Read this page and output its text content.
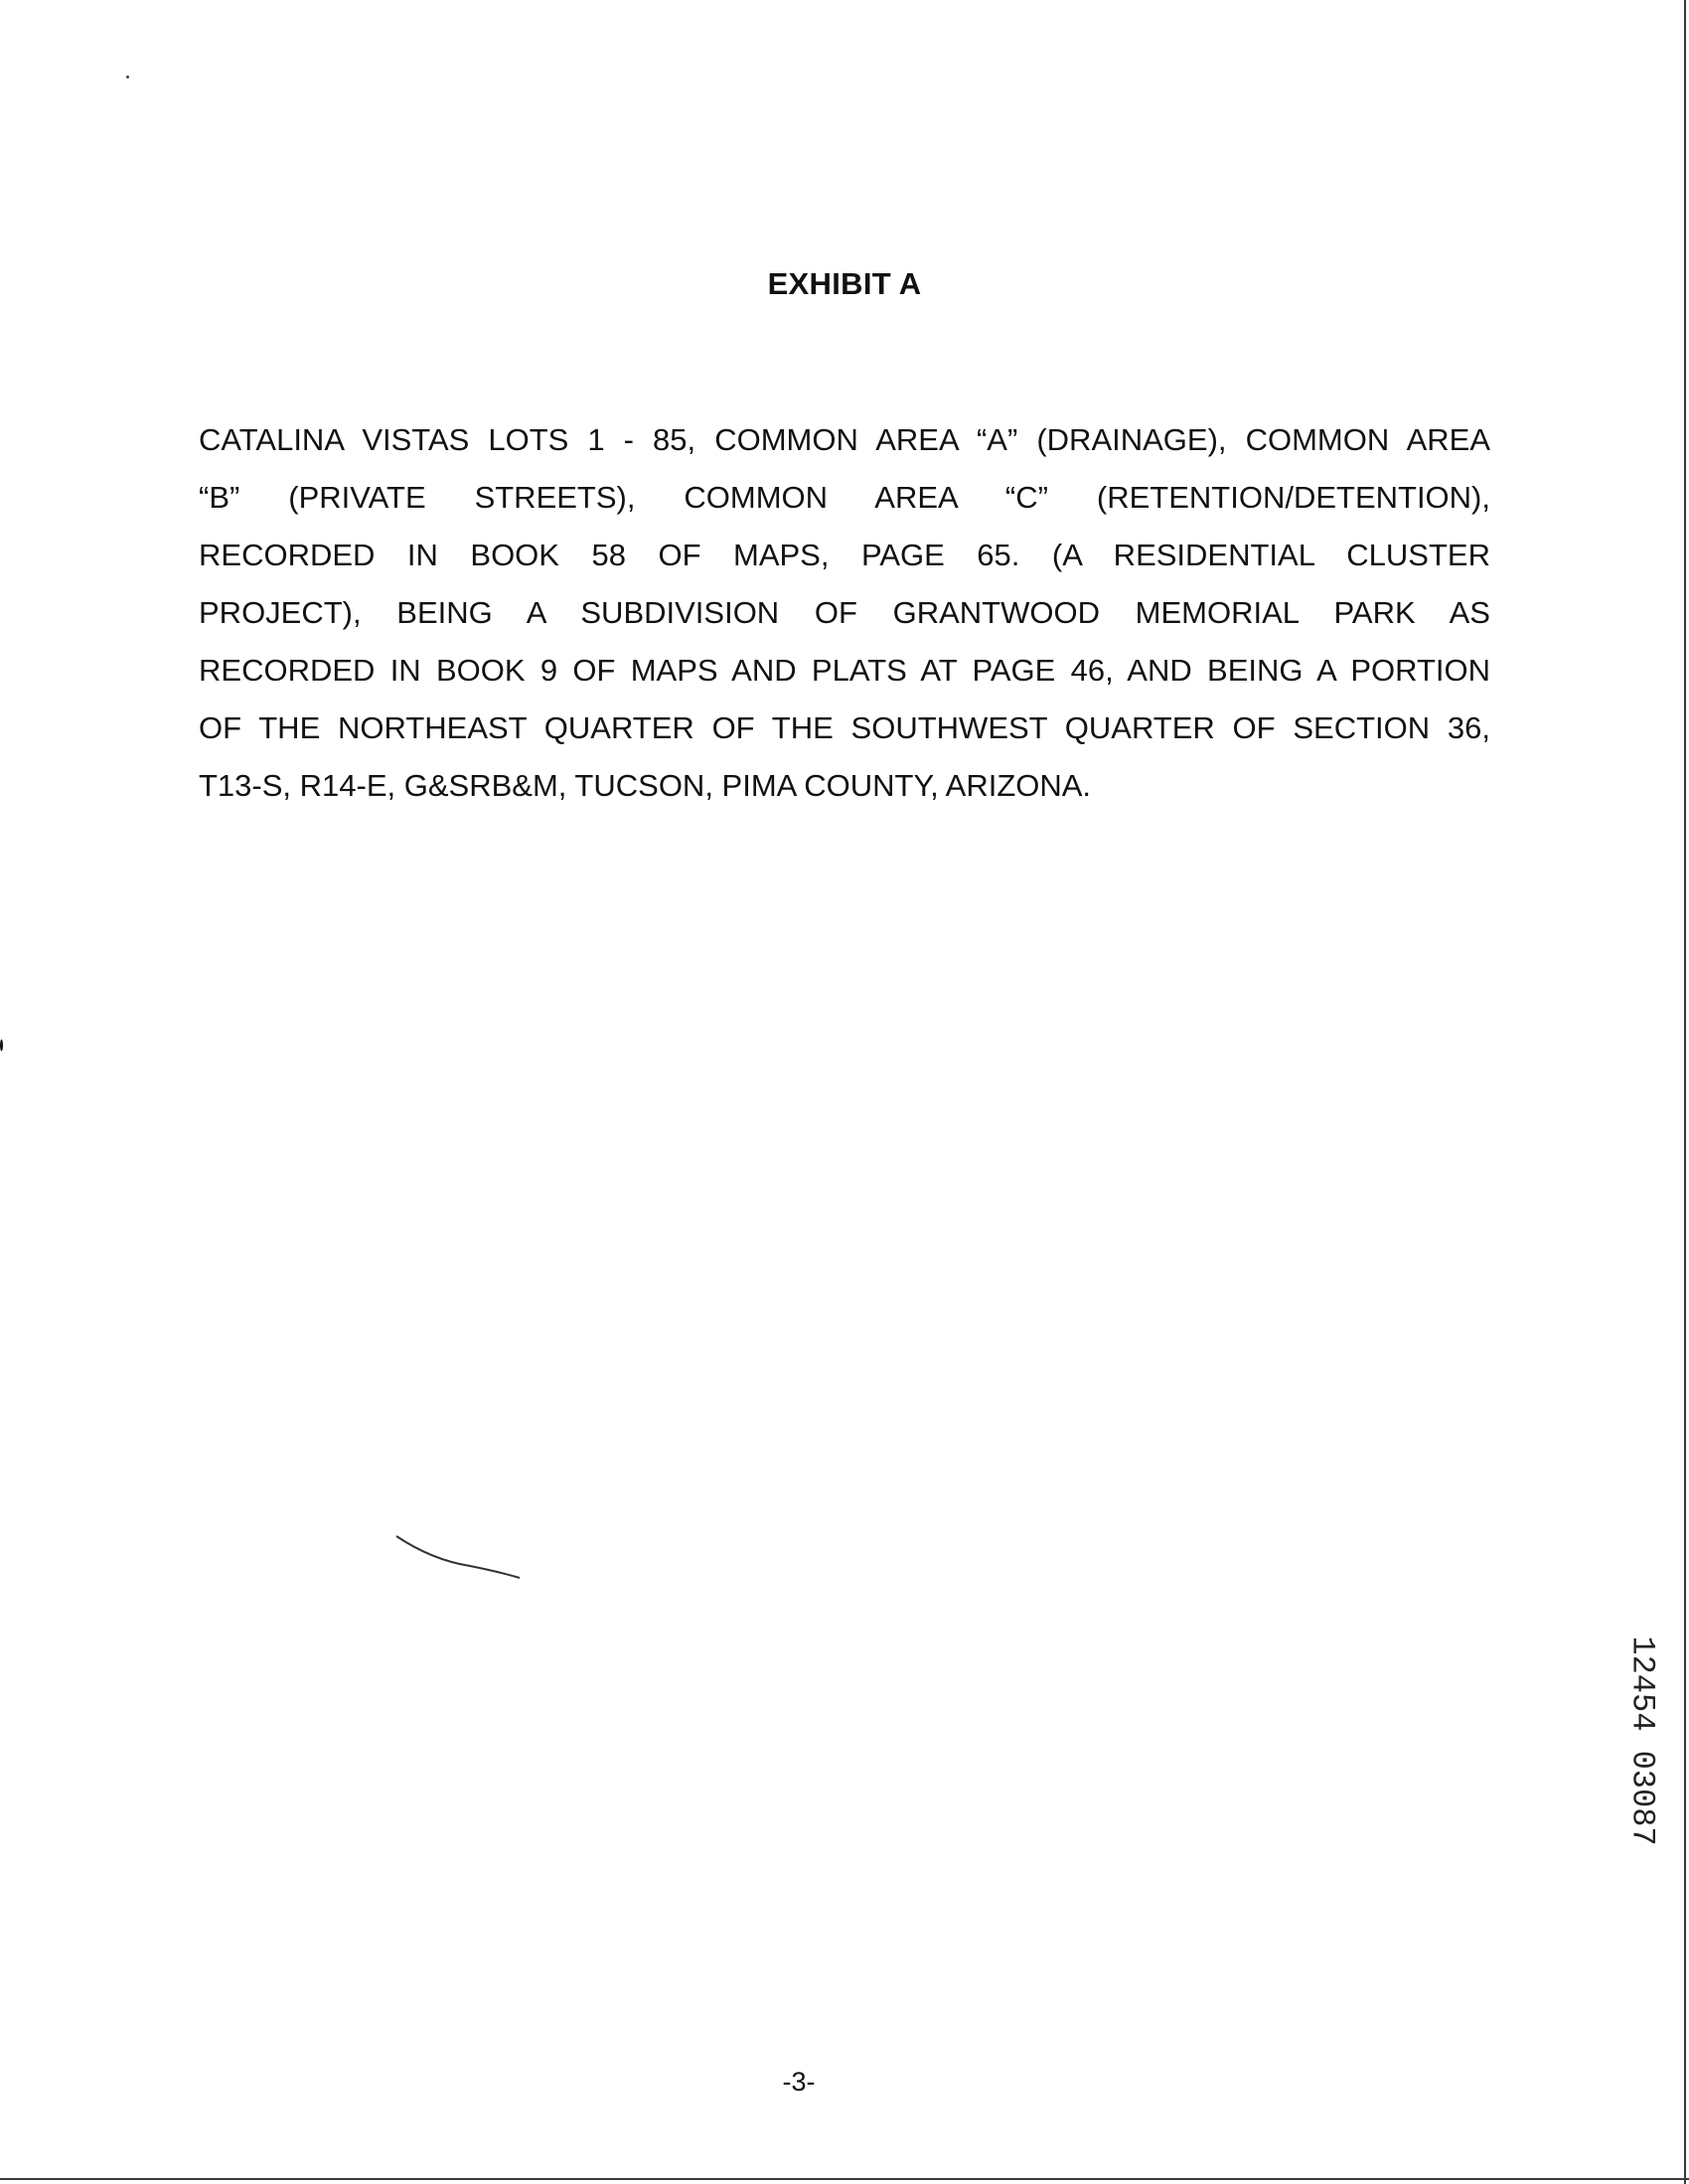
EXHIBIT A
CATALINA VISTAS LOTS 1 - 85, COMMON AREA “A” (DRAINAGE), COMMON AREA
“B” (PRIVATE STREETS), COMMON AREA “C” (RETENTION/DETENTION),
RECORDED IN BOOK 58 OF MAPS, PAGE 65. (A RESIDENTIAL CLUSTER
PROJECT), BEING A SUBDIVISION OF GRANTWOOD MEMORIAL PARK AS
RECORDED IN BOOK 9 OF MAPS AND PLATS AT PAGE 46, AND BEING A PORTION
OF THE NORTHEAST QUARTER OF THE SOUTHWEST QUARTER OF SECTION 36,
T13-S, R14-E, G&SRB&M, TUCSON, PIMA COUNTY, ARIZONA.
12454 03087
-3-
